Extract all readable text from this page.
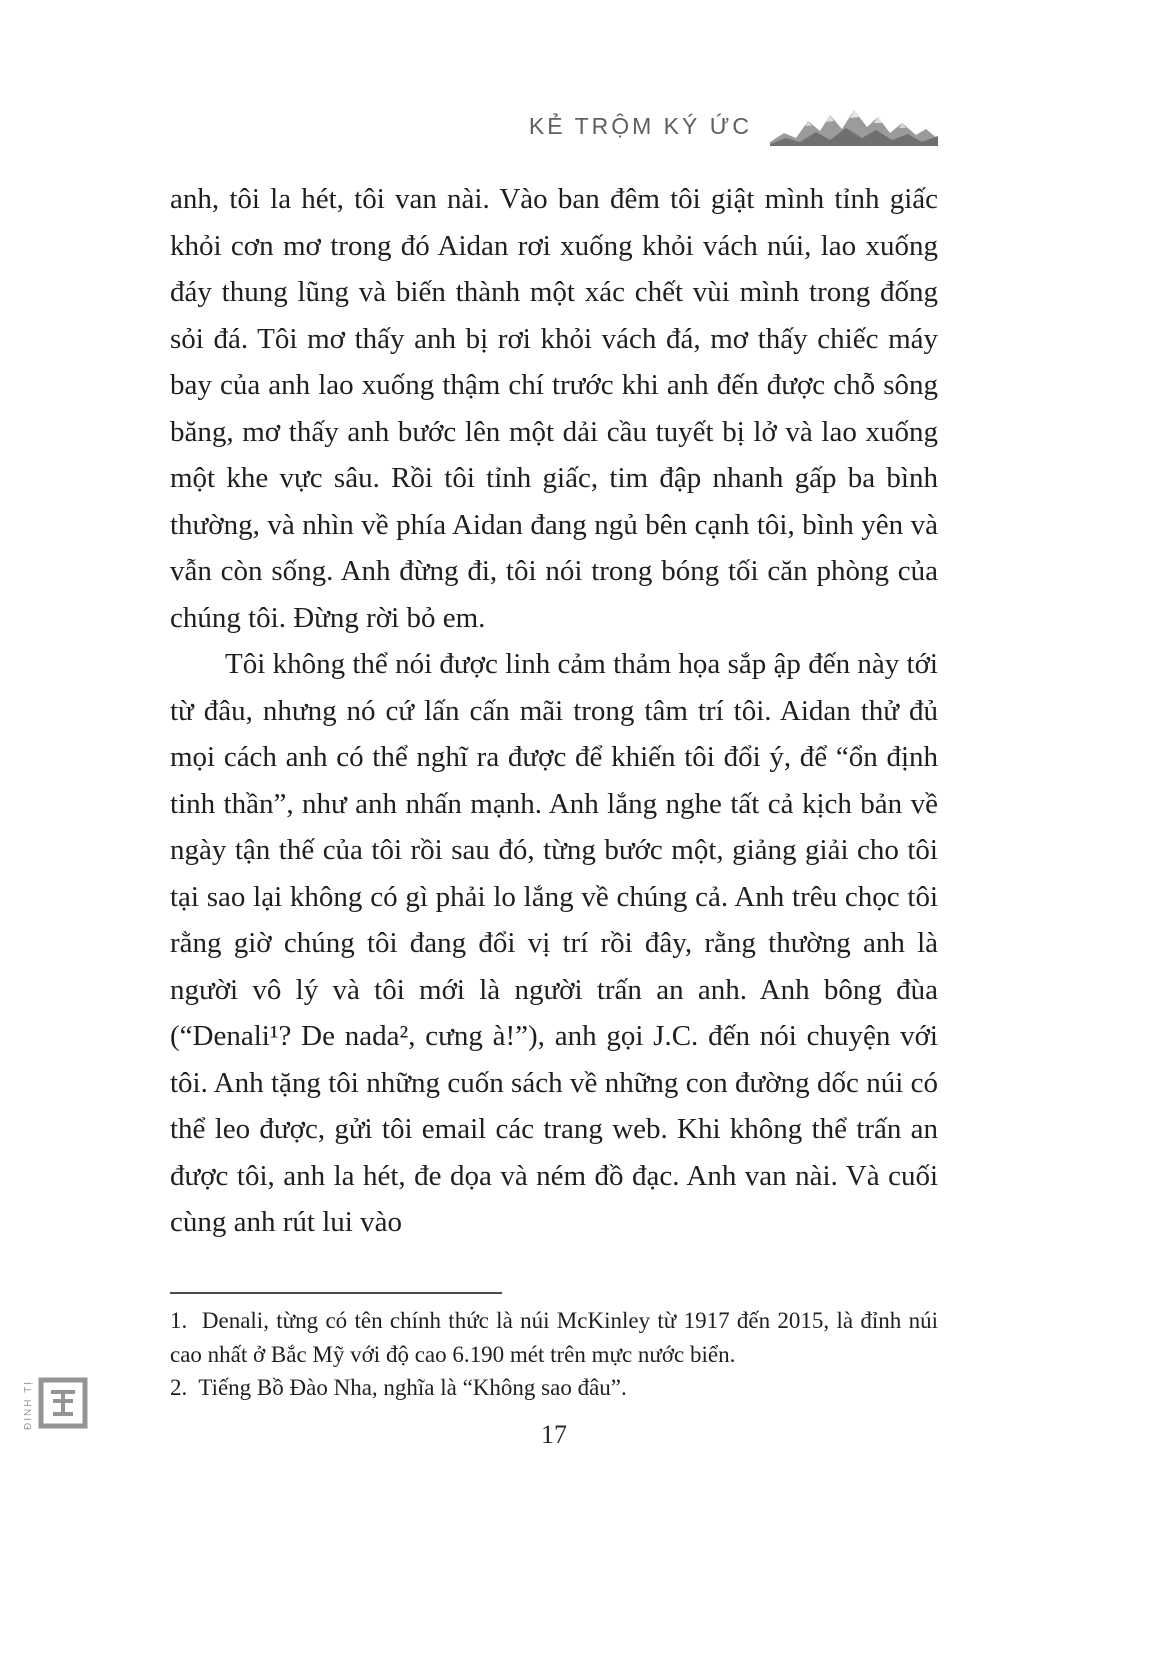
KẺ TRỘM KÝ ỨC

anh, tôi la hét, tôi van nài. Vào ban đêm tôi giật mình tỉnh giấc khỏi cơn mơ trong đó Aidan rơi xuống khỏi vách núi, lao xuống đáy thung lũng và biến thành một xác chết vùi mình trong đống sỏi đá. Tôi mơ thấy anh bị rơi khỏi vách đá, mơ thấy chiếc máy bay của anh lao xuống thậm chí trước khi anh đến được chỗ sông băng, mơ thấy anh bước lên một dải cầu tuyết bị lở và lao xuống một khe vực sâu. Rồi tôi tỉnh giấc, tim đập nhanh gấp ba bình thường, và nhìn về phía Aidan đang ngủ bên cạnh tôi, bình yên và vẫn còn sống. Anh đừng đi, tôi nói trong bóng tối căn phòng của chúng tôi. Đừng rời bỏ em.

Tôi không thể nói được linh cảm thảm họa sắp ập đến này tới từ đâu, nhưng nó cứ lấn cấn mãi trong tâm trí tôi. Aidan thử đủ mọi cách anh có thể nghĩ ra được để khiến tôi đổi ý, để “ổn định tinh thần”, như anh nhấn mạnh. Anh lắng nghe tất cả kịch bản về ngày tận thế của tôi rồi sau đó, từng bước một, giảng giải cho tôi tại sao lại không có gì phải lo lắng về chúng cả. Anh trêu chọc tôi rằng giờ chúng tôi đang đổi vị trí rồi đây, rằng thường anh là người vô lý và tôi mới là người trấn an anh. Anh bông đùa (“Denali¹? De nada², cưng à!”), anh gọi J.C. đến nói chuyện với tôi. Anh tặng tôi những cuốn sách về những con đường dốc núi có thể leo được, gửi tôi email các trang web. Khi không thể trấn an được tôi, anh la hét, đe dọa và ném đồ đạc. Anh van nài. Và cuối cùng anh rút lui vào

1.  Denali, từng có tên chính thức là núi McKinley từ 1917 đến 2015, là đỉnh núi cao nhất ở Bắc Mỹ với độ cao 6.190 mét trên mực nước biển.

2.  Tiếng Bồ Đào Nha, nghĩa là “Không sao đâu”.

17
ĐINH TỊ
